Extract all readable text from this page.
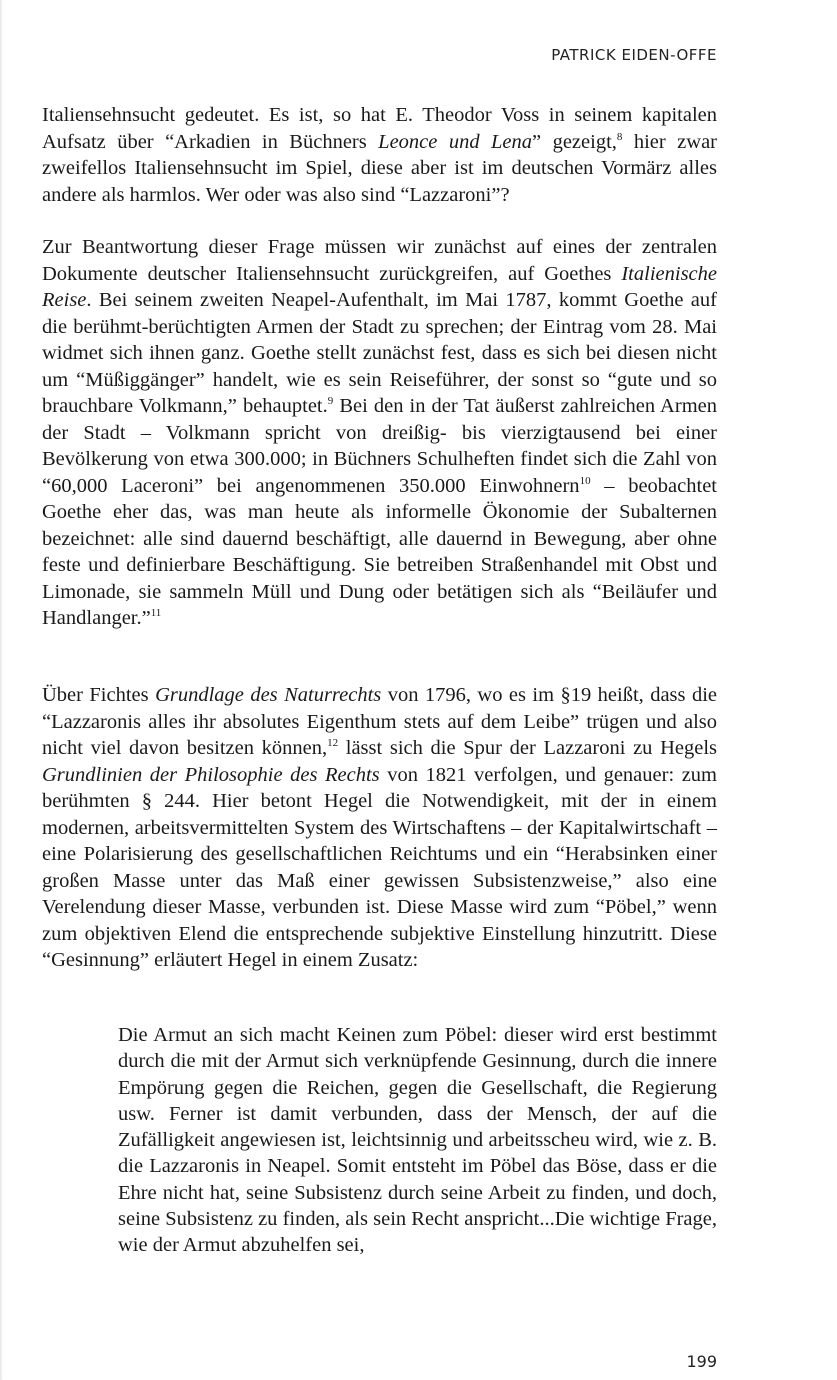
PATRICK EIDEN-OFFE

Italiensehnsucht gedeutet. Es ist, so hat E. Theodor Voss in seinem kapitalen Aufsatz über “Arkadien in Büchners Leonce und Lena” gezeigt,$^8$ hier zwar zweifellos Italiensehnsucht im Spiel, diese aber ist im deutschen Vormärz alles andere als harmlos. Wer oder was also sind “Lazzaroni”?

Zur Beantwortung dieser Frage müssen wir zunächst auf eines der zentralen Dokumente deutscher Italiensehnsucht zurückgreifen, auf Goethes Italienische Reise. Bei seinem zweiten Neapel-Aufenthalt, im Mai 1787, kommt Goethe auf die berühmt-berüchtigten Armen der Stadt zu sprechen; der Eintrag vom 28. Mai widmet sich ihnen ganz. Goethe stellt zunächst fest, dass es sich bei diesen nicht um “Müßiggänger” handelt, wie es sein Reiseführer, der sonst so “gute und so brauchbare Volkmann,” behauptet.$^9$ Bei den in der Tat äußerst zahlreichen Armen der Stadt – Volkmann spricht von dreißig- bis vierzigtausend bei einer Bevölkerung von etwa 300.000; in Büchners Schulheften findet sich die Zahl von “60,000 Laceroni” bei angenommenen 350.000 Einwohnern$^{10}$ – beobachtet Goethe eher das, was man heute als informelle Ökonomie der Subalternen bezeichnet: alle sind dauernd beschäftigt, alle dauernd in Bewegung, aber ohne feste und definierbare Beschäftigung. Sie betreiben Straßenhandel mit Obst und Limonade, sie sammeln Müll und Dung oder betätigen sich als “Beiläufer und Handlanger.”$^{11}$

Über Fichtes Grundlage des Naturrechts von 1796, wo es im §19 heißt, dass die “Lazzaronis alles ihr absolutes Eigenthum stets auf dem Leibe” trügen und also nicht viel davon besitzen können,$^{12}$ lässt sich die Spur der Lazzaroni zu Hegels Grundlinien der Philosophie des Rechts von 1821 verfolgen, und genauer: zum berühmten § 244. Hier betont Hegel die Notwendigkeit, mit der in einem modernen, arbeitsvermittelten System des Wirtschaftens – der Kapitalwirtschaft – eine Polarisierung des gesellschaftlichen Reichtums und ein “Herabsinken einer großen Masse unter das Maß einer gewissen Subsistenzweise,” also eine Verelendung dieser Masse, verbunden ist. Diese Masse wird zum “Pöbel,” wenn zum objektiven Elend die entsprechende subjektive Einstellung hinzutritt. Diese “Gesinnung” erläutert Hegel in einem Zusatz:

Die Armut an sich macht Keinen zum Pöbel: dieser wird erst bestimmt durch die mit der Armut sich verknüpfende Gesinnung, durch die innere Empörung gegen die Reichen, gegen die Gesellschaft, die Regierung usw. Ferner ist damit verbunden, dass der Mensch, der auf die Zufälligkeit angewiesen ist, leichtsinnig und arbeitsscheu wird, wie z. B. die Lazzaronis in Neapel. Somit entsteht im Pöbel das Böse, dass er die Ehre nicht hat, seine Subsistenz durch seine Arbeit zu finden, und doch, seine Subsistenz zu finden, als sein Recht anspricht...Die wichtige Frage, wie der Armut abzuhelfen sei,

199
